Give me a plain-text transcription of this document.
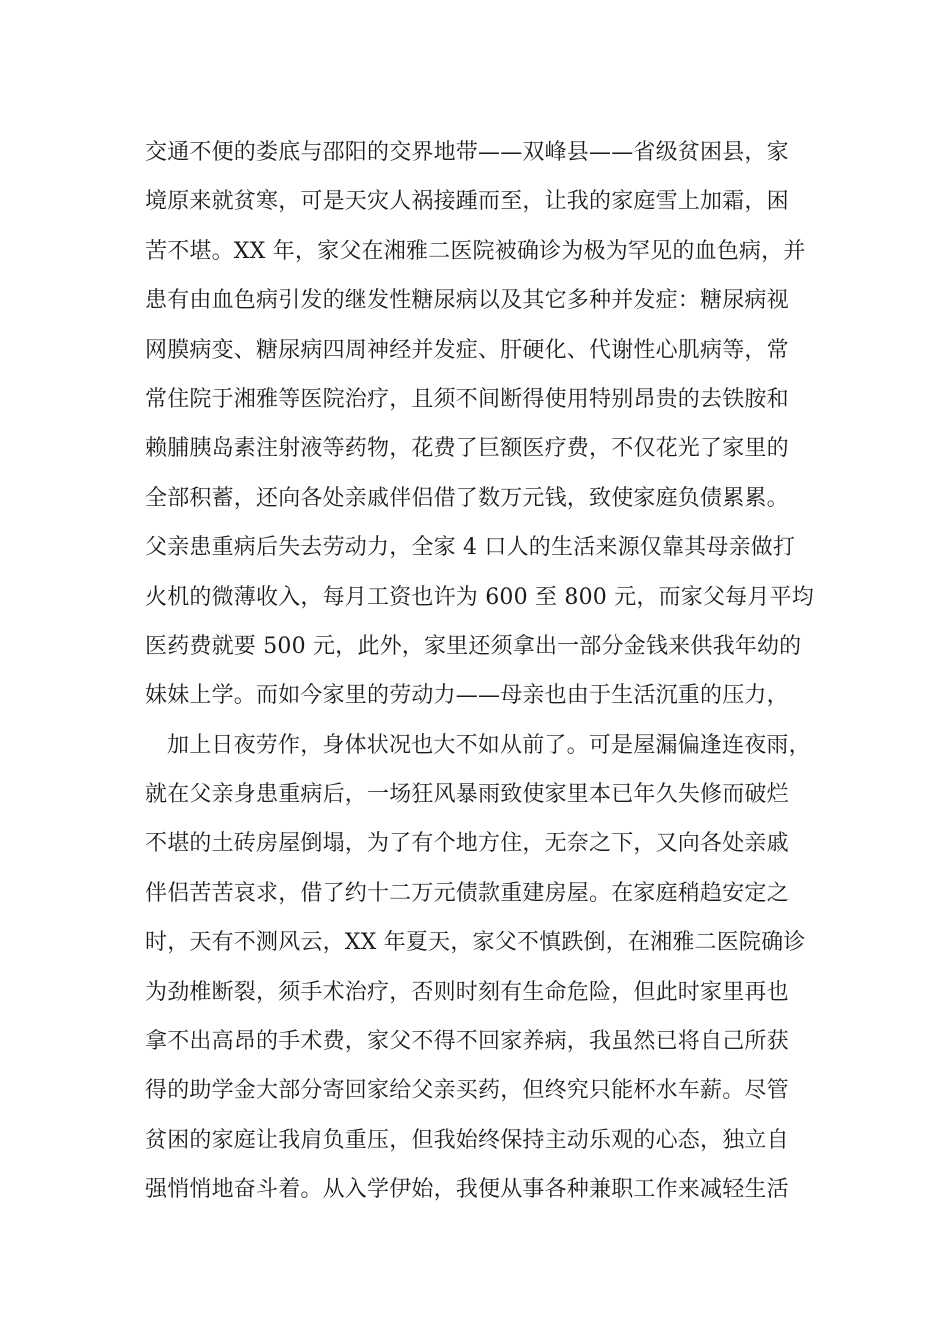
交通不便的娄底与邵阳的交界地带——双峰县——省级贫困县，家
境原来就贫寒，可是天灾人祸接踵而至，让我的家庭雪上加霜，困
苦不堪。XX 年，家父在湘雅二医院被确诊为极为罕见的血色病，并
患有由血色病引发的继发性糖尿病以及其它多种并发症：糖尿病视
网膜病变、糖尿病四周神经并发症、肝硬化、代谢性心肌病等，常
常住院于湘雅等医院治疗，且须不间断得使用特别昂贵的去铁胺和
赖脯胰岛素注射液等药物，花费了巨额医疗费，不仅花光了家里的
全部积蓄，还向各处亲戚伴侣借了数万元钱，致使家庭负债累累。
父亲患重病后失去劳动力，全家 4 口人的生活来源仅靠其母亲做打
火机的微薄收入，每月工资也许为 600 至 800 元，而家父每月平均
医药费就要 500 元，此外，家里还须拿出一部分金钱来供我年幼的
妹妹上学。而如今家里的劳动力——母亲也由于生活沉重的压力，
加上日夜劳作，身体状况也大不如从前了。可是屋漏偏逢连夜雨，
就在父亲身患重病后，一场狂风暴雨致使家里本已年久失修而破烂
不堪的土砖房屋倒塌，为了有个地方住，无奈之下，又向各处亲戚
伴侣苦苦哀求，借了约十二万元债款重建房屋。在家庭稍趋安定之
时，天有不测风云，XX 年夏天，家父不慎跌倒，在湘雅二医院确诊
为劲椎断裂，须手术治疗，否则时刻有生命危险，但此时家里再也
拿不出高昂的手术费，家父不得不回家养病，我虽然已将自己所获
得的助学金大部分寄回家给父亲买药，但终究只能杯水车薪。尽管
贫困的家庭让我肩负重压，但我始终保持主动乐观的心态，独立自
强悄悄地奋斗着。从入学伊始，我便从事各种兼职工作来减轻生活
